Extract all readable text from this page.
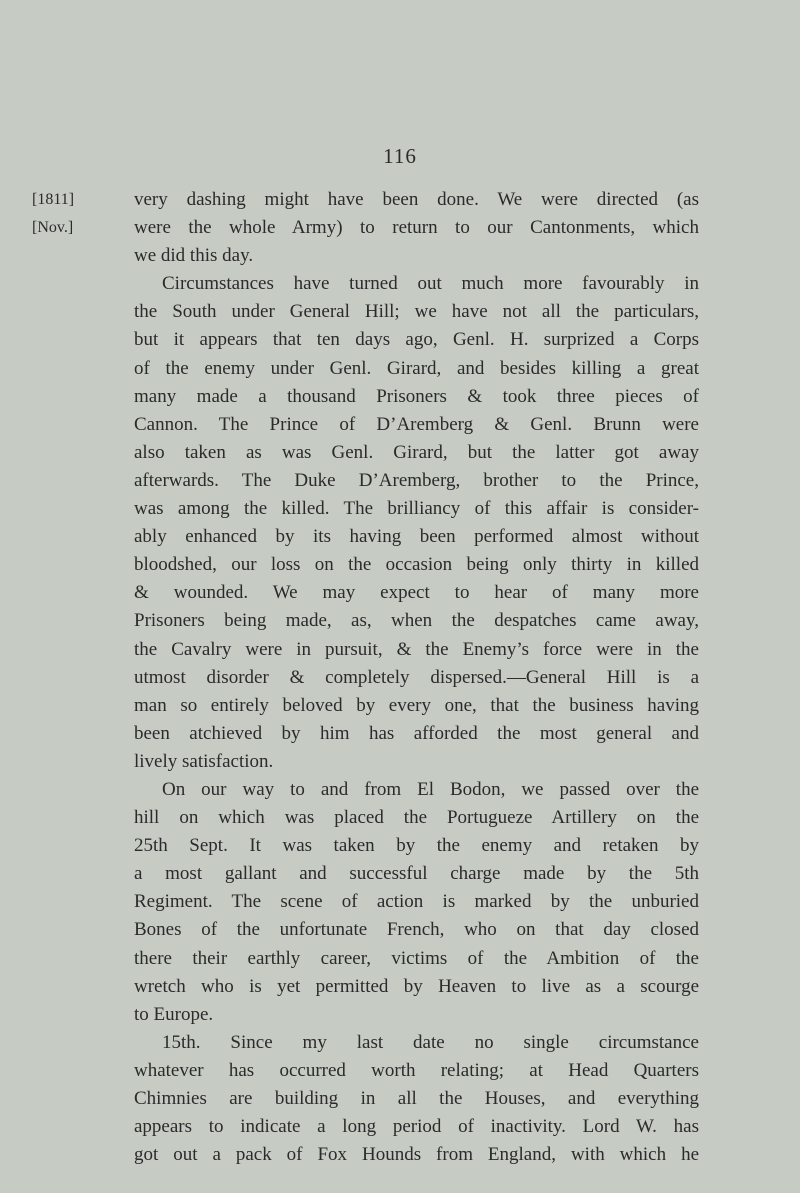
116
[1811]
[Nov.]
very dashing might have been done. We were directed (as
were the whole Army) to return to our Cantonments, which
we did this day.
Circumstances have turned out much more favourably in
the South under General Hill; we have not all the particulars,
but it appears that ten days ago, Genl. H. surprized a Corps
of the enemy under Genl. Girard, and besides killing a great
many made a thousand Prisoners & took three pieces of
Cannon. The Prince of D’Aremberg & Genl. Brunn were
also taken as was Genl. Girard, but the latter got away
afterwards. The Duke D’Aremberg, brother to the Prince,
was among the killed. The brilliancy of this affair is consider-
ably enhanced by its having been performed almost without
bloodshed, our loss on the occasion being only thirty in killed
& wounded. We may expect to hear of many more
Prisoners being made, as, when the despatches came away,
the Cavalry were in pursuit, & the Enemy’s force were in the
utmost disorder & completely dispersed.—General Hill is a
man so entirely beloved by every one, that the business having
been atchieved by him has afforded the most general and
lively satisfaction.
On our way to and from El Bodon, we passed over the
hill on which was placed the Portugueze Artillery on the
25th Sept. It was taken by the enemy and retaken by
a most gallant and successful charge made by the 5th
Regiment. The scene of action is marked by the unburied
Bones of the unfortunate French, who on that day closed
there their earthly career, victims of the Ambition of the
wretch who is yet permitted by Heaven to live as a scourge
to Europe.
15th. Since my last date no single circumstance
whatever has occurred worth relating; at Head Quarters
Chimnies are building in all the Houses, and everything
appears to indicate a long period of inactivity. Lord W. has
got out a pack of Fox Hounds from England, with which he
